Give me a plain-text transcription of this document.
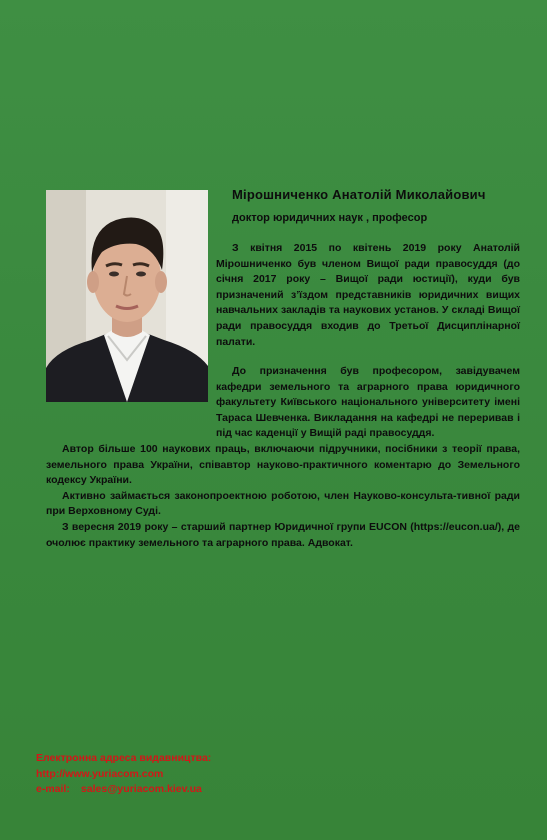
Мірошниченко Анатолій Миколайович
доктор юридичних наук , професор

З квітня 2015 по квітень 2019 року Анатолій Мірошниченко був членом Вищої ради правосуддя (до січня 2017 року – Вищої ради юстиції), куди був призначений з’їздом представників юридичних вищих навчальних закладів та наукових установ. У складі Вищої ради правосуддя входив до Третьої Дисциплінарної палати.

До призначення був професором, завідувачем кафедри земельного та аграрного права юридичного факультету Київського національного університету імені Тараса Шевченка. Викладання на кафедрі не переривав і під час каденції у Вищій раді правосуддя.

Автор більше 100 наукових праць, включаючи підручники, посібники з теорії права, земельного права України, співавтор науково-практичного коментарю до Земельного кодексу України.

Активно займається законопроектною роботою, член Науково-консульта-тивної ради при Верховному Суді.

З вересня 2019 року – старший партнер Юридичної групи EUCON (https://eucon.ua/), де очолює практику земельного та аграрного права. Адвокат.

Електронна адреса видавництва:
http://www.yuriacom.com
e-mail: sales@yuriacom.kiev.ua
